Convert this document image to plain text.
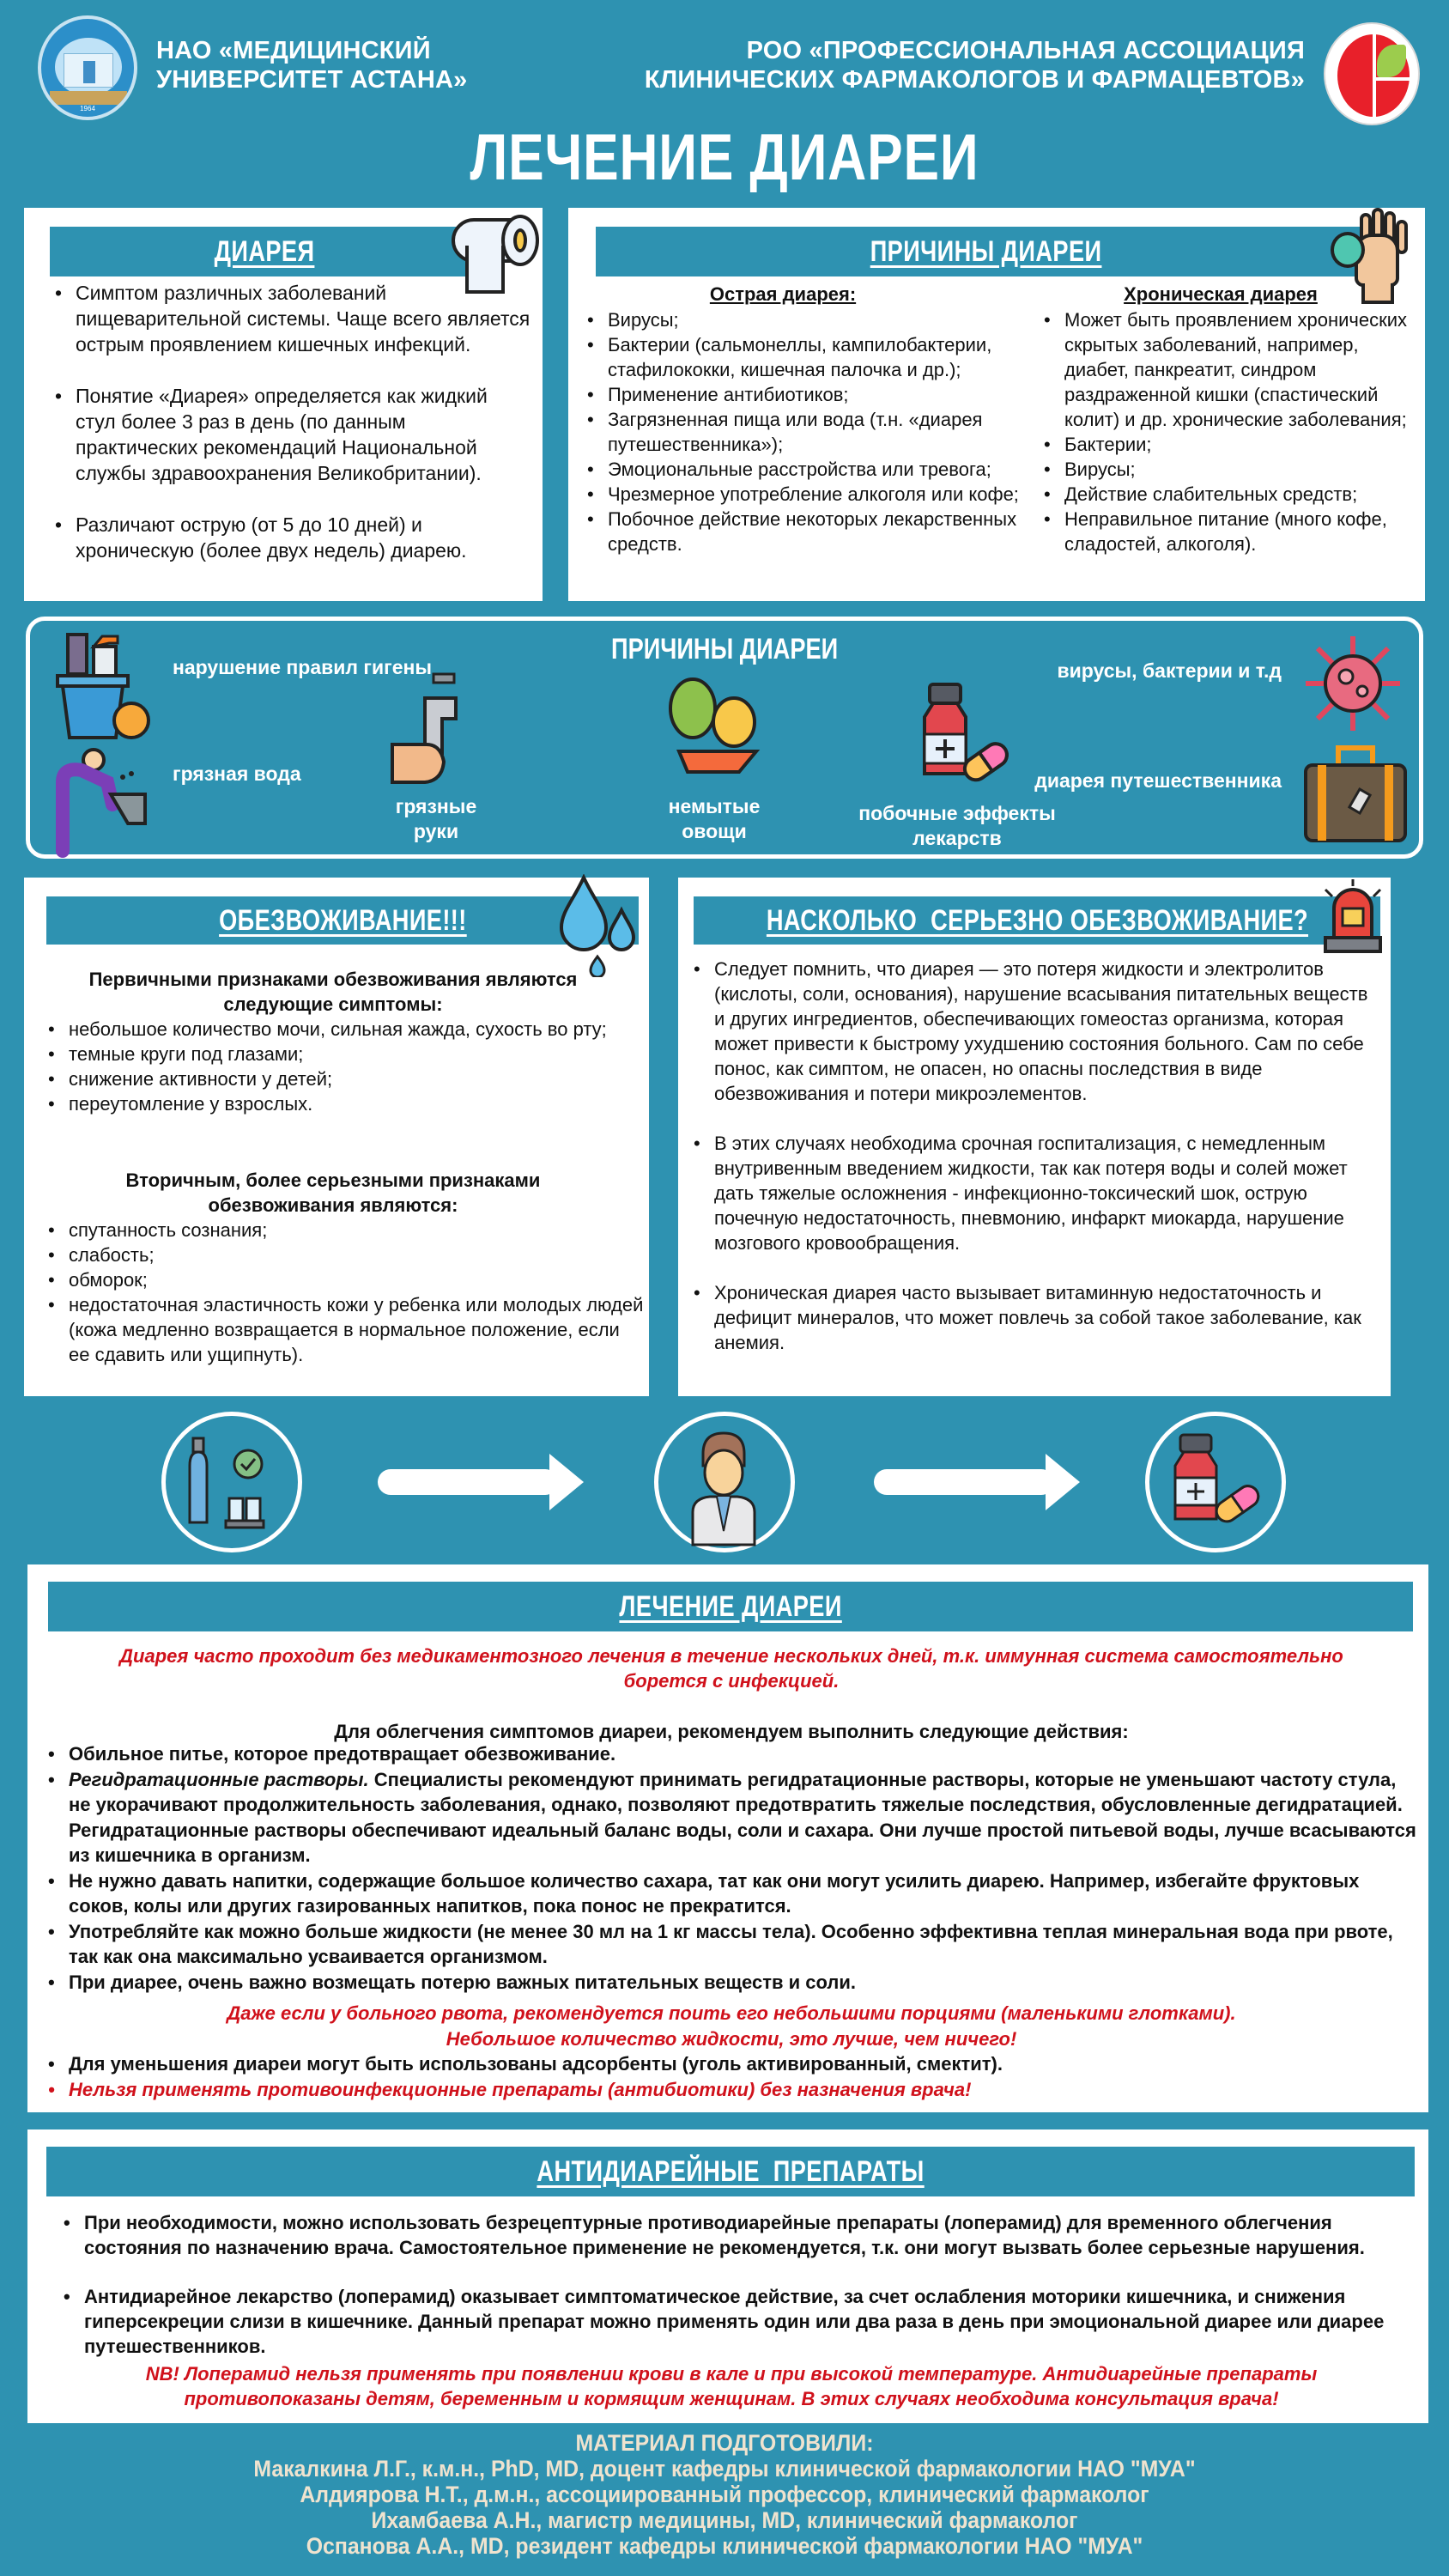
1964
НАО «МЕДИЦИНСКИЙ
УНИВЕРСИТЕТ АСТАНА»
РОО «ПРОФЕССИОНАЛЬНАЯ АССОЦИАЦИЯ
КЛИНИЧЕСКИХ ФАРМАКОЛОГОВ И ФАРМАЦЕВТОВ»
ЛЕЧЕНИЕ ДИАРЕИ
ДИАРЕЯ
• Симптом различных заболеваний пищеварительной системы. Чаще всего является острым проявлением кишечных инфекций.
• Понятие «Диарея» определяется как жидкий стул более 3 раз в день (по данным практических рекомендаций Национальной службы здравоохранения Великобритании).
• Различают острую (от 5 до 10 дней) и хроническую (более двух недель) диарею.
ПРИЧИНЫ ДИАРЕИ
Острая диарея:
• Вирусы;
• Бактерии (сальмонеллы, кампилобактерии, стафилококки, кишечная палочка и др.);
• Применение антибиотиков;
• Загрязненная пища или вода (т.н. «диарея путешественника»);
• Эмоциональные расстройства или тревога;
• Чрезмерное употребление алкоголя или кофе;
• Побочное действие некоторых лекарственных средств.
Хроническая диарея
• Может быть проявлением хронических скрытых заболеваний, например, диабет, панкреатит, синдром раздраженной кишки (спастический колит) и др. хронические заболевания;
• Бактерии;
• Вирусы;
• Действие слабительных средств;
• Неправильное питание (много кофе, сладостей, алкоголя).
ПРИЧИНЫ ДИАРЕИ
нарушение правил гигены
грязная вода
грязные руки
немытые овощи
побочные эффекты лекарств
вирусы, бактерии и т.д
диарея путешественника
ОБЕЗВОЖИВАНИЕ!!!
Первичными признаками обезвоживания являются следующие симптомы:
• небольшое количество мочи, сильная жажда, сухость во рту;
• темные круги под глазами;
• снижение активности у детей;
• переутомление у взрослых.
Вторичным, более серьезными признаками обезвоживания являются:
• спутанность сознания;
• слабость;
• обморок;
• недостаточная эластичность кожи у ребенка или молодых людей (кожа медленно возвращается в нормальное положение, если ее сдавить или ущипнуть).
НАСКОЛЬКО  СЕРЬЕЗНО ОБЕЗВОЖИВАНИЕ?
• Следует помнить, что диарея — это потеря жидкости и электролитов (кислоты, соли, основания), нарушение всасывания питательных веществ и других ингредиентов, обеспечивающих гомеостаз организма, которая может привести к быстрому ухудшению состояния больного. Сам по себе понос, как симптом, не опасен, но опасны последствия в виде обезвоживания и потери микроэлементов.
• В этих случаях необходима срочная госпитализация, с немедленным внутривенным введением жидкости, так как потеря воды и солей может дать тяжелые осложнения - инфекционно-токсический шок, острую почечную недостаточность, пневмонию, инфаркт миокарда, нарушение мозгового кровообращения.
• Хроническая диарея часто вызывает витаминную недостаточность и дефицит минералов, что может повлечь за собой такое заболевание, как анемия.
ЛЕЧЕНИЕ ДИАРЕИ
Диарея часто проходит без медикаментозного лечения в течение нескольких дней, т.к. иммунная система самостоятельно борется с инфекцией.
Для облегчения симптомов диареи, рекомендуем выполнить следующие действия:
• Обильное питье, которое предотвращает обезвоживание.
• Регидратационные растворы. Специалисты рекомендуют принимать регидратационные растворы, которые не уменьшают частоту стула, не укорачивают продолжительность заболевания, однако, позволяют предотвратить тяжелые последствия, обусловленные дегидратацией. Регидратационные растворы обеспечивают идеальный баланс воды, соли и сахара. Они лучше простой питьевой воды, лучше всасываются из кишечника в организм.
• Не нужно давать напитки, содержащие большое количество сахара, тат как они могут усилить диарею. Например, избегайте фруктовых соков, колы или других газированных напитков, пока понос не прекратится.
• Употребляйте как можно больше жидкости (не менее 30 мл на 1 кг массы тела). Особенно эффективна теплая минеральная вода при рвоте, так как она максимально усваивается организмом.
• При диарее, очень важно возмещать потерю важных питательных веществ и соли.
Даже если у больного рвота, рекомендуется поить его небольшими порциями (маленькими глотками).
Небольшое количество жидкости, это лучше, чем ничего!
• Для уменьшения диареи могут быть использованы адсорбенты (уголь активированный, смектит).
• Нельзя применять противоинфекционные препараты (антибиотики) без назначения врача!
АНТИДИАРЕЙНЫЕ  ПРЕПАРАТЫ
• При необходимости, можно использовать безрецептурные противодиарейные препараты (лоперамид) для временного облегчения состояния по назначению врача. Самостоятельное применение не рекомендуется, т.к. они могут вызвать более серьезные нарушения.
• Антидиарейное лекарство (лоперамид) оказывает симптоматическое действие, за счет ослабления моторики кишечника, и снижения гиперсекреции слизи в кишечнике. Данный препарат можно применять один или два раза в день при эмоциональной диарее или диарее путешественников.
NB! Лоперамид нельзя применять при появлении крови в кале и при высокой температуре. Антидиарейные препараты противопоказаны детям, беременным и кормящим женщинам. В этих случаях необходима консультация врача!
МАТЕРИАЛ ПОДГОТОВИЛИ:
Макалкина Л.Г., к.м.н., PhD, MD, доцент кафедры клинической фармакологии НАО "МУА"
Алдиярова Н.Т., д.м.н., ассоциированный профессор, клинический фармаколог
Ихамбаева А.Н., магистр медицины, MD, клинический фармаколог
Оспанова А.А., MD, резидент кафедры клинической фармакологии НАО "МУА"
